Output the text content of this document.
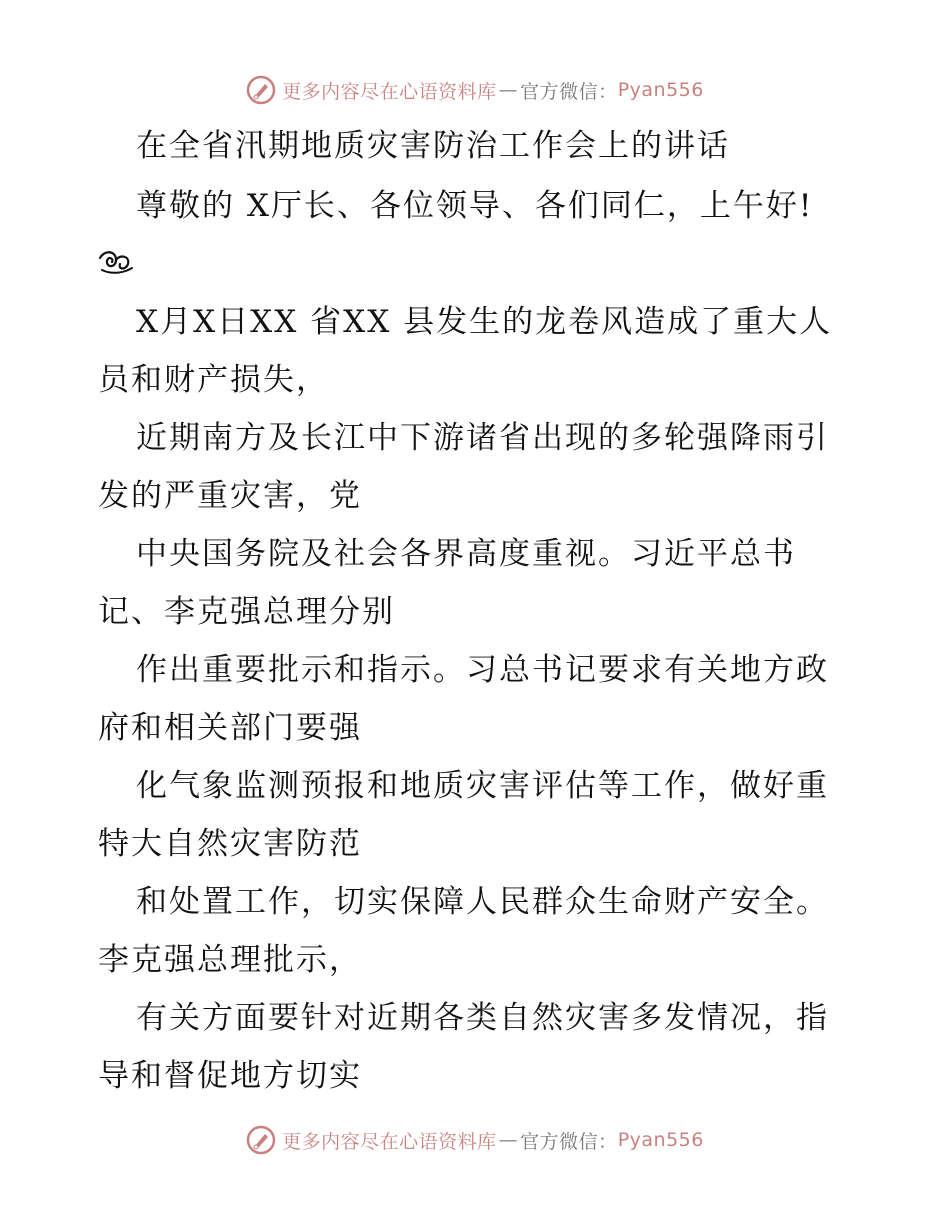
更多内容尽在心语资料库 — 官方微信： Pyan556
在全省汛期地质灾害防治工作会上的讲话
尊敬的 X厅长、各位领导、各们同仁，上午好!
X月X日XX 省XX 县发生的龙卷风造成了重大人
员和财产损失，
近期南方及长江中下游诸省出现的多轮强降雨引
发的严重灾害，党
中央国务院及社会各界高度重视。习近平总书
记、李克强总理分别
作出重要批示和指示。习总书记要求有关地方政
府和相关部门要强
化气象监测预报和地质灾害评估等工作，做好重
特大自然灾害防范
和处置工作，切实保障人民群众生命财产安全。
李克强总理批示，
有关方面要针对近期各类自然灾害多发情况，指
导和督促地方切实
更多内容尽在心语资料库 — 官方微信： Pyan556
